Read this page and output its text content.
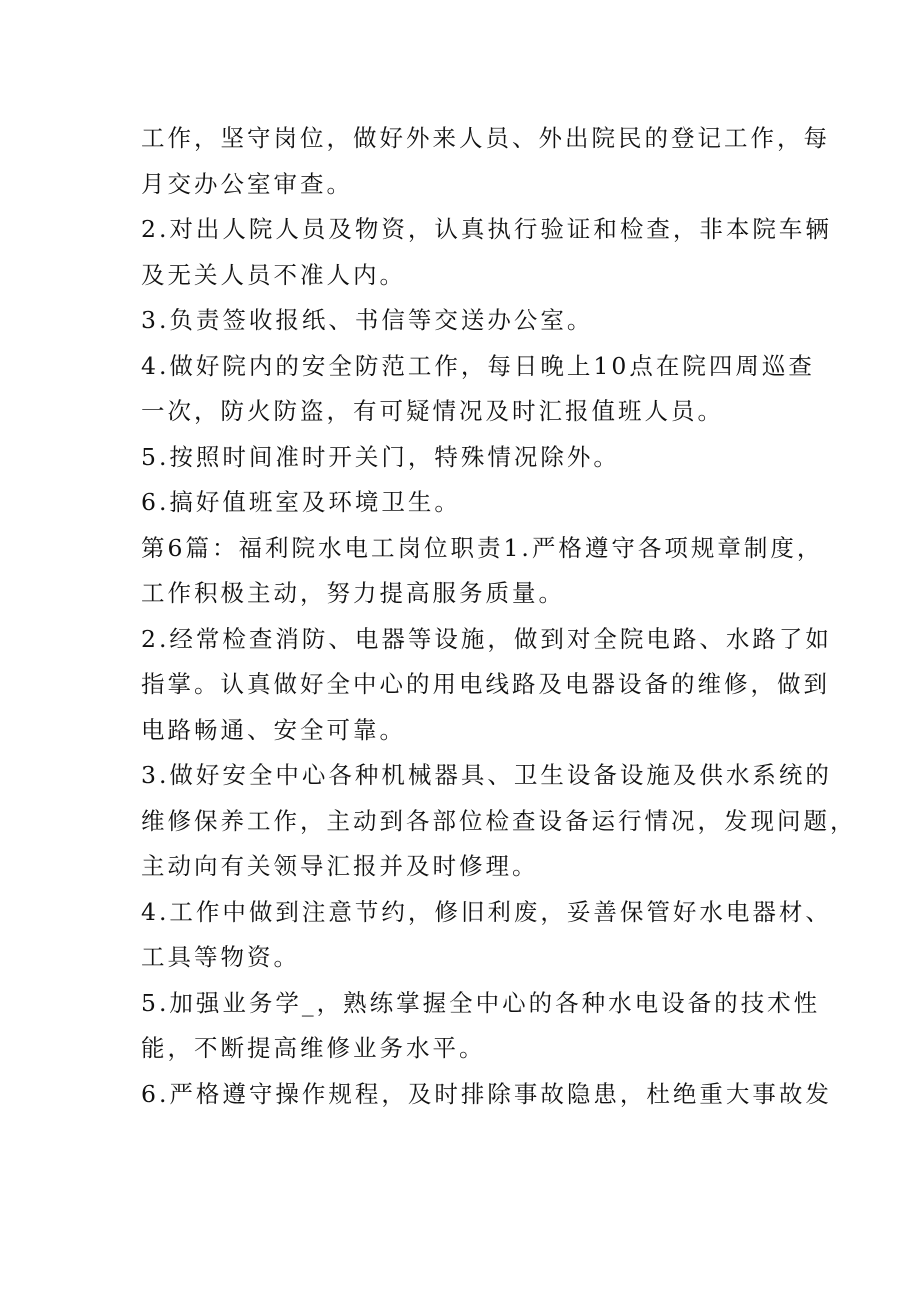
工作，坚守岗位，做好外来人员、外出院民的登记工作，每
月交办公室审查。
2.对出人院人员及物资，认真执行验证和检查，非本院车辆
及无关人员不准人内。
3.负责签收报纸、书信等交送办公室。
4.做好院内的安全防范工作，每日晚上10点在院四周巡查
一次，防火防盗，有可疑情况及时汇报值班人员。
5.按照时间准时开关门，特殊情况除外。
6.搞好值班室及环境卫生。
第6篇：福利院水电工岗位职责1.严格遵守各项规章制度，
工作积极主动，努力提高服务质量。
2.经常检查消防、电器等设施，做到对全院电路、水路了如
指掌。认真做好全中心的用电线路及电器设备的维修，做到
电路畅通、安全可靠。
3.做好安全中心各种机械器具、卫生设备设施及供水系统的
维修保养工作，主动到各部位检查设备运行情况，发现问题，
主动向有关领导汇报并及时修理。
4.工作中做到注意节约，修旧利废，妥善保管好水电器材、
工具等物资。
5.加强业务学_，熟练掌握全中心的各种水电设备的技术性
能，不断提高维修业务水平。
6.严格遵守操作规程，及时排除事故隐患，杜绝重大事故发
